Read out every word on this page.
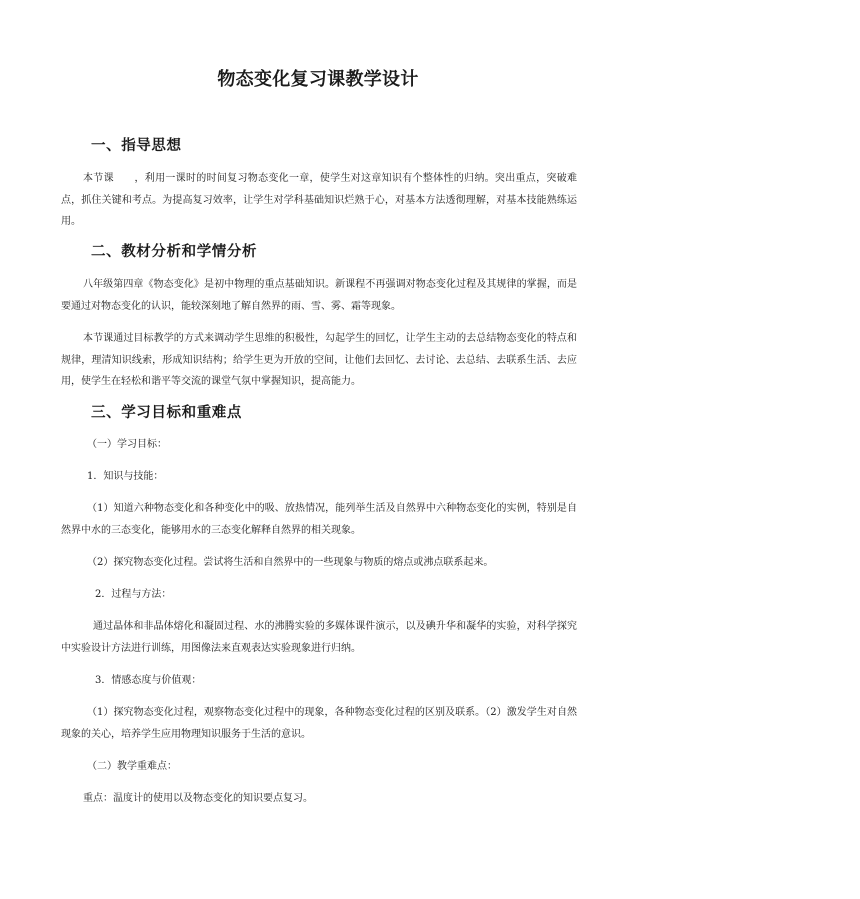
物态变化复习课教学设计
一、指导思想

本节课　　，利用一课时的时间复习物态变化一章，使学生对这章知识有个整体性的归纳。突出重点，突破难点，抓住关键和考点。为提高复习效率，让学生对学科基础知识烂熟于心，对基本方法透彻理解，对基本技能熟练运用。

二、教材分析和学情分析

八年级第四章《物态变化》是初中物理的重点基础知识。新课程不再强调对物态变化过程及其规律的掌握，而是要通过对物态变化的认识，能较深刻地了解自然界的雨、雪、雾、霜等现象。

本节课通过目标教学的方式来调动学生思维的积极性，勾起学生的回忆，让学生主动的去总结物态变化的特点和规律，理清知识线索，形成知识结构；给学生更为开放的空间，让他们去回忆、去讨论、去总结、去联系生活、去应用，使学生在轻松和谐平等交流的课堂气氛中掌握知识，提高能力。

三、学习目标和重难点
（一）学习目标：
1．知识与技能：

（1）知道六种物态变化和各种变化中的吸、放热情况，能列举生活及自然界中六种物态变化的实例，特别是自然界中水的三态变化，能够用水的三态变化解释自然界的相关现象。

（2）探究物态变化过程。尝试将生活和自然界中的一些现象与物质的熔点或沸点联系起来。
2．过程与方法：

通过晶体和非晶体熔化和凝固过程、水的沸腾实验的多媒体课件演示，以及碘升华和凝华的实验，对科学探究中实验设计方法进行训练，用图像法来直观表达实验现象进行归纳。

3．情感态度与价值观：

（1）探究物态变化过程，观察物态变化过程中的现象，各种物态变化过程的区别及联系。（2）激发学生对自然现象的关心，培养学生应用物理知识服务于生活的意识。

（二）教学重难点：
重点：温度计的使用以及物态变化的知识要点复习。
